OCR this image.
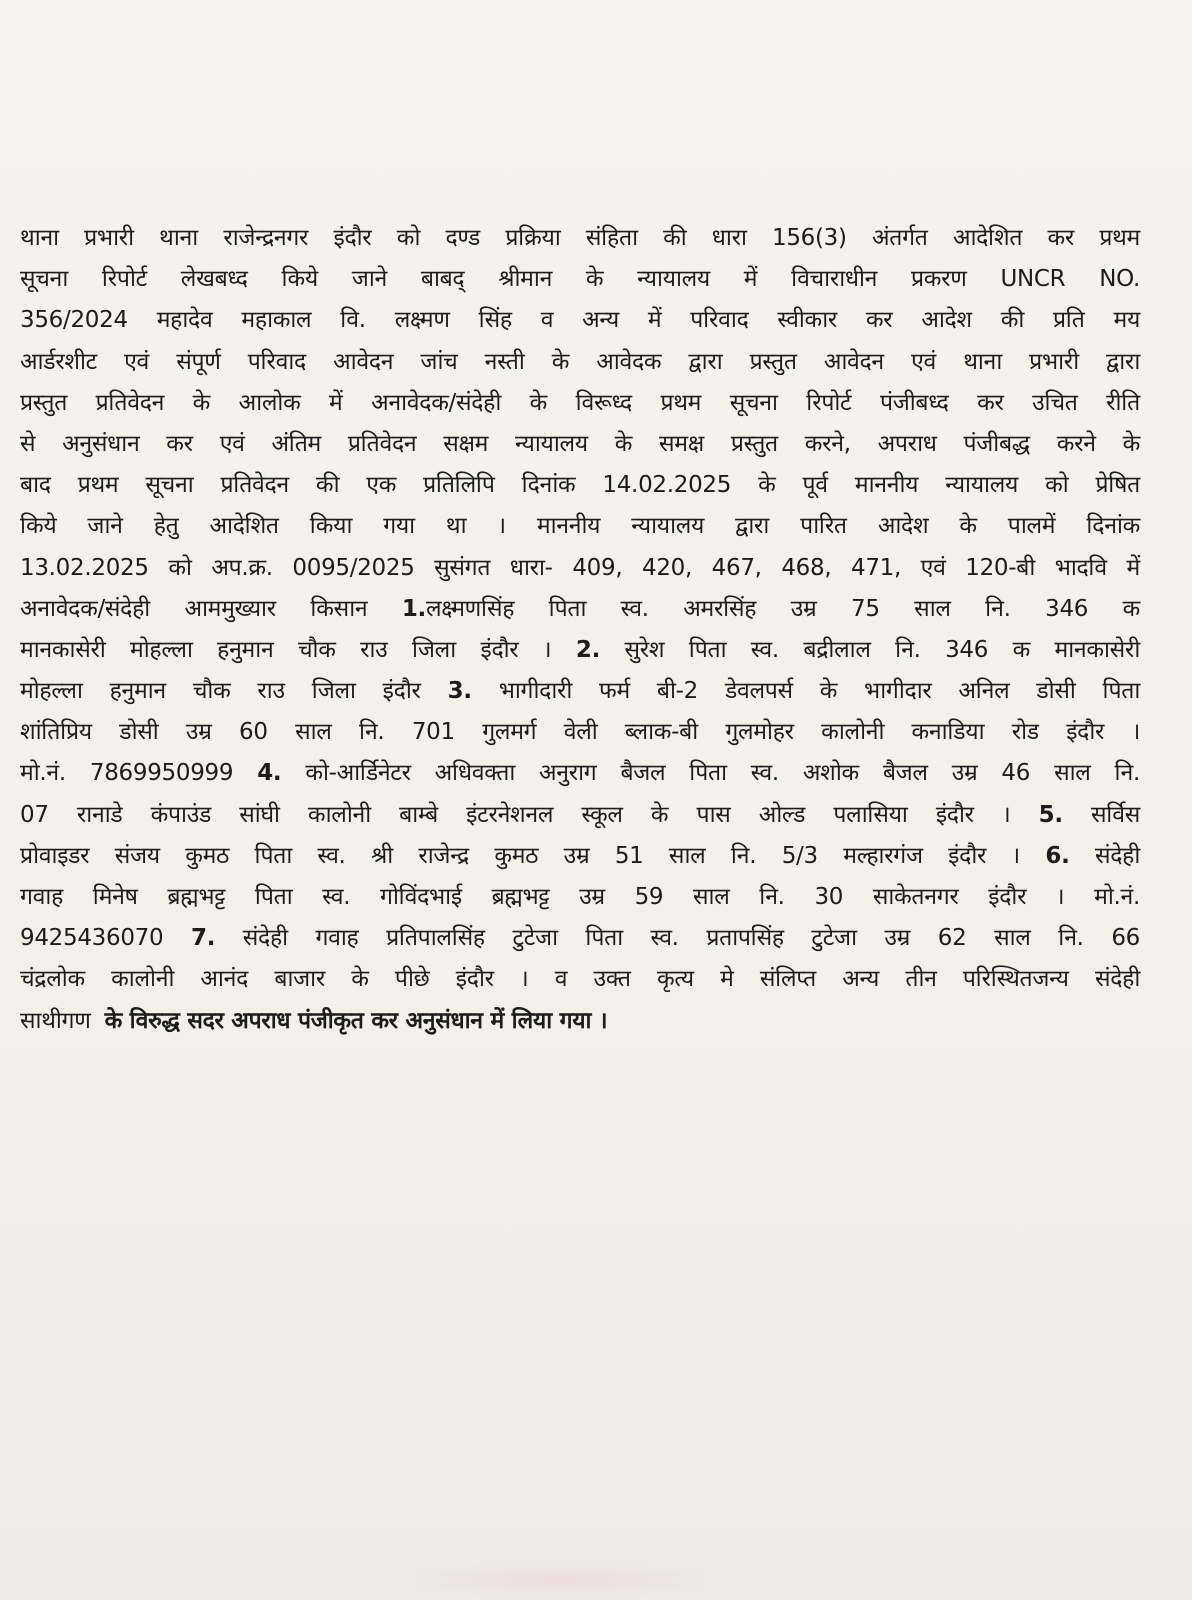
थाना प्रभारी थाना राजेन्द्रनगर इंदौर को दण्ड प्रक्रिया संहिता की धारा 156(3) अंतर्गत आदेशित कर प्रथम
सूचना रिपोर्ट लेखबध्द किये जाने बाबद् श्रीमान के न्यायालय में विचाराधीन प्रकरण UNCR NO.
356/2024 महादेव महाकाल वि. लक्ष्मण सिंह व अन्य में परिवाद स्वीकार कर आदेश की प्रति मय
आर्डरशीट एवं संपूर्ण परिवाद आवेदन जांच नस्ती के आवेदक द्वारा प्रस्तुत आवेदन एवं थाना प्रभारी द्वारा
प्रस्तुत प्रतिवेदन के आलोक में अनावेदक/संदेही के विरूध्द प्रथम सूचना रिपोर्ट पंजीबध्द कर उचित रीति
से अनुसंधान कर एवं अंतिम प्रतिवेदन सक्षम न्यायालय के समक्ष प्रस्तुत करने, अपराध पंजीबद्ध करने के
बाद प्रथम सूचना प्रतिवेदन की एक प्रतिलिपि दिनांक 14.02.2025 के पूर्व माननीय न्यायालय को प्रेषित
किये जाने हेतु आदेशित किया गया था । माननीय न्यायालय द्वारा पारित आदेश के पालमें दिनांक
13.02.2025 को अप.क्र. 0095/2025 सुसंगत धारा- 409, 420, 467, 468, 471, एवं 120-बी भादवि में
अनावेदक/संदेही आममुख्यार किसान 1.लक्ष्मणसिंह पिता स्व. अमरसिंह उम्र 75 साल नि. 346 क
मानकासेरी मोहल्ला हनुमान चौक राउ जिला इंदौर । 2. सुरेश पिता स्व. बद्रीलाल नि. 346 क मानकासेरी
मोहल्ला हनुमान चौक राउ जिला इंदौर 3. भागीदारी फर्म बी-2 डेवलपर्स के भागीदार अनिल डोसी पिता
शांतिप्रिय डोसी उम्र 60 साल नि. 701 गुलमर्ग वेली ब्लाक-बी गुलमोहर कालोनी कनाडिया रोड इंदौर ।
मो.नं. 7869950999 4. को-आर्डिनेटर अधिवक्ता अनुराग बैजल पिता स्व. अशोक बैजल उम्र 46 साल नि.
07 रानाडे कंपाउंड सांघी कालोनी बाम्बे इंटरनेशनल स्कूल के पास ओल्ड पलासिया इंदौर । 5. सर्विस
प्रोवाइडर संजय कुमठ पिता स्व. श्री राजेन्द्र कुमठ उम्र 51 साल नि. 5/3 मल्हारगंज इंदौर । 6. संदेही
गवाह मिनेष ब्रह्मभट्ट पिता स्व. गोविंदभाई ब्रह्मभट्ट उम्र 59 साल नि. 30 साकेतनगर इंदौर । मो.नं.
9425436070 7. संदेही गवाह प्रतिपालसिंह टुटेजा पिता स्व. प्रतापसिंह टुटेजा उम्र 62 साल नि. 66
चंद्रलोक कालोनी आनंद बाजार के पीछे इंदौर । व उक्त कृत्य मे संलिप्त अन्य तीन परिस्थितजन्य संदेही
साथीगण  के विरुद्ध सदर अपराध पंजीकृत कर अनुसंधान में लिया गया ।
